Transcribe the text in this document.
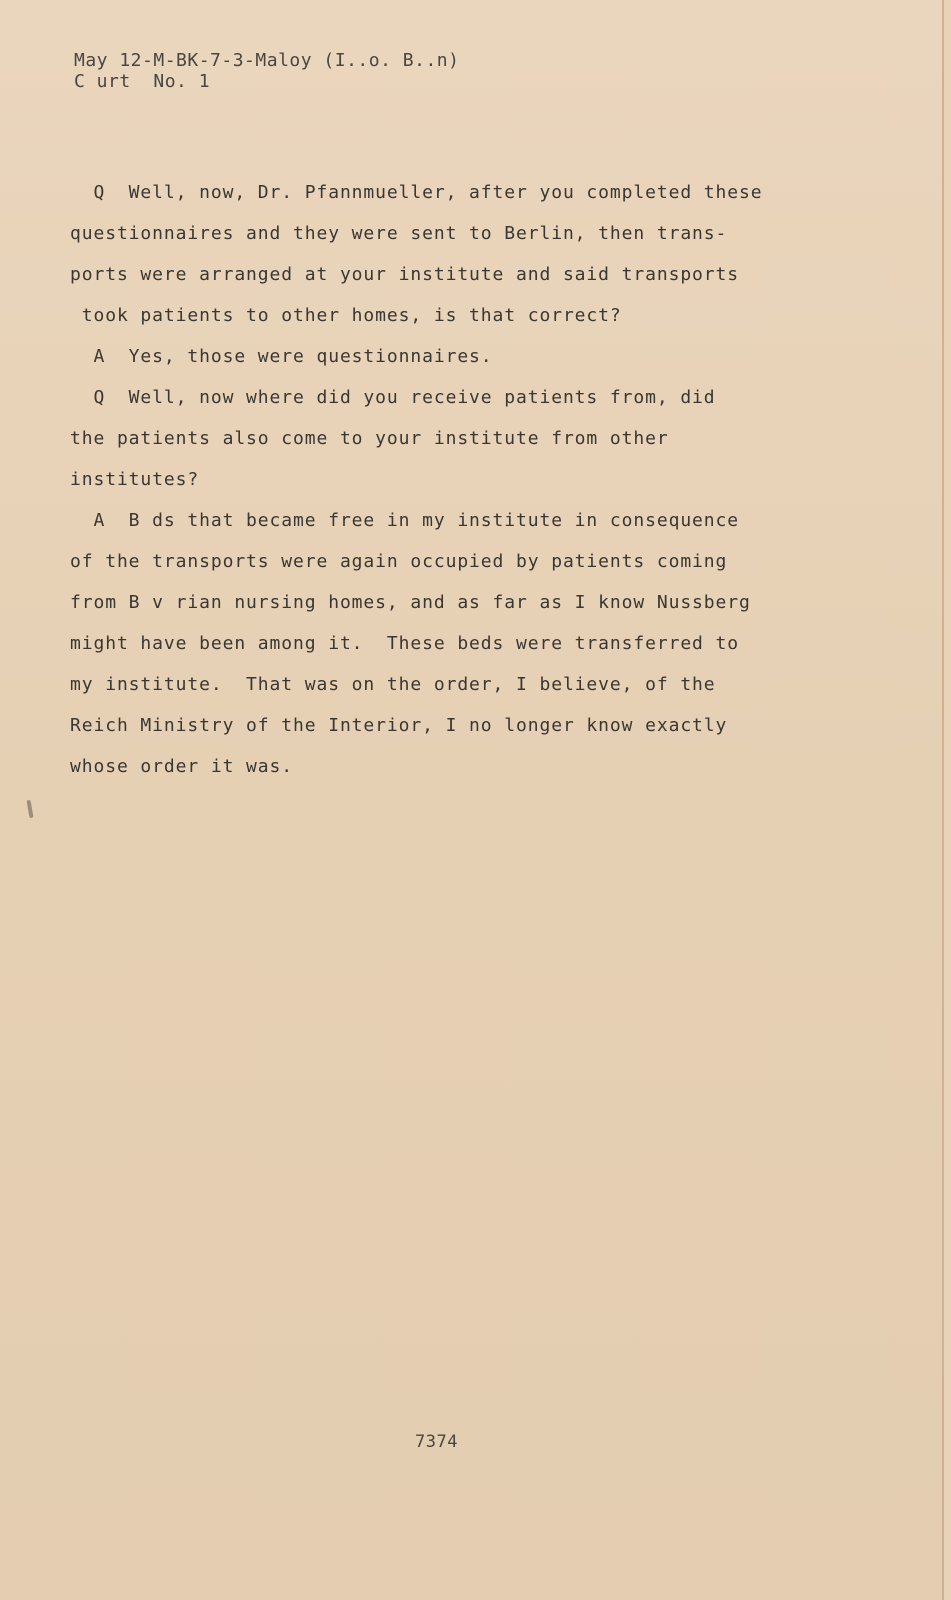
May 12-M-BK-7-3-Maloy (I..o. B..n)
C urt  No. 1
Q  Well, now, Dr. Pfannmueller, after you completed these
questionnaires and they were sent to Berlin, then trans-
ports were arranged at your institute and said transports
took patients to other homes, is that correct?
A  Yes, those were questionnaires.
Q  Well, now where did you receive patients from, did
the patients also come to your institute from other
institutes?
A  B ds that became free in my institute in consequence
of the transports were again occupied by patients coming
from B v rian nursing homes, and as far as I know Nussberg
might have been among it.  These beds were transferred to
my institute.  That was on the order, I believe, of the
Reich Ministry of the Interior, I no longer know exactly
whose order it was.
7374
